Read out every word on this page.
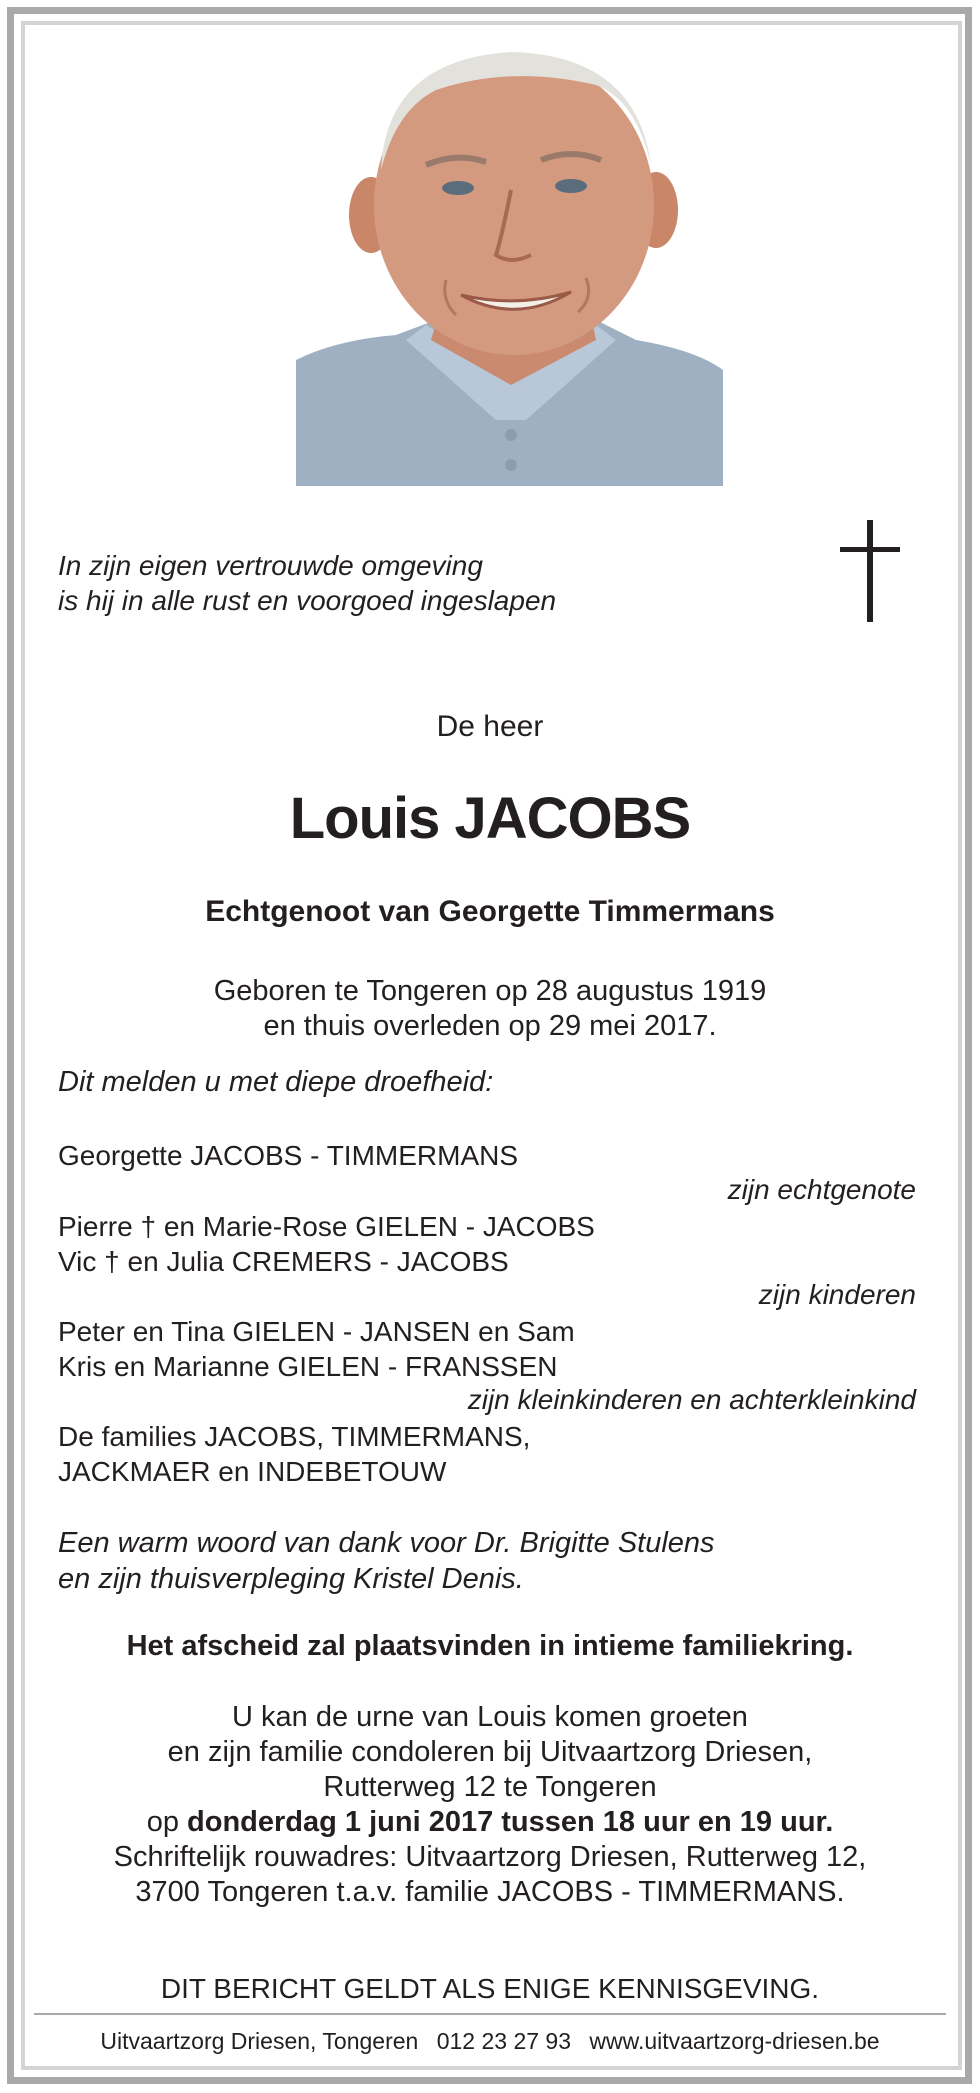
In zijn eigen vertrouwde omgeving
is hij in alle rust en voorgoed ingeslapen
De heer
Louis JACOBS
Echtgenoot van Georgette Timmermans
Geboren te Tongeren op 28 augustus 1919
en thuis overleden op 29 mei 2017.
Dit melden u met diepe droefheid:
Georgette JACOBS - TIMMERMANS
zijn echtgenote
Pierre † en Marie-Rose GIELEN - JACOBS
Vic † en Julia CREMERS - JACOBS
zijn kinderen
Peter en Tina GIELEN - JANSEN en Sam
Kris en Marianne GIELEN - FRANSSEN
zijn kleinkinderen en achterkleinkind
De families JACOBS, TIMMERMANS,
JACKMAER en INDEBETOUW
Een warm woord van dank voor Dr. Brigitte Stulens
en zijn thuisverpleging Kristel Denis.
Het afscheid zal plaatsvinden in intieme familiekring.
U kan de urne van Louis komen groeten
en zijn familie condoleren bij Uitvaartzorg Driesen,
Rutterweg 12 te Tongeren
op donderdag 1 juni 2017 tussen 18 uur en 19 uur.
Schriftelijk rouwadres: Uitvaartzorg Driesen, Rutterweg 12,
3700 Tongeren t.a.v. familie JACOBS - TIMMERMANS.
DIT BERICHT GELDT ALS ENIGE KENNISGEVING.
Uitvaartzorg Driesen, Tongeren 012 23 27 93 www.uitvaartzorg-driesen.be
